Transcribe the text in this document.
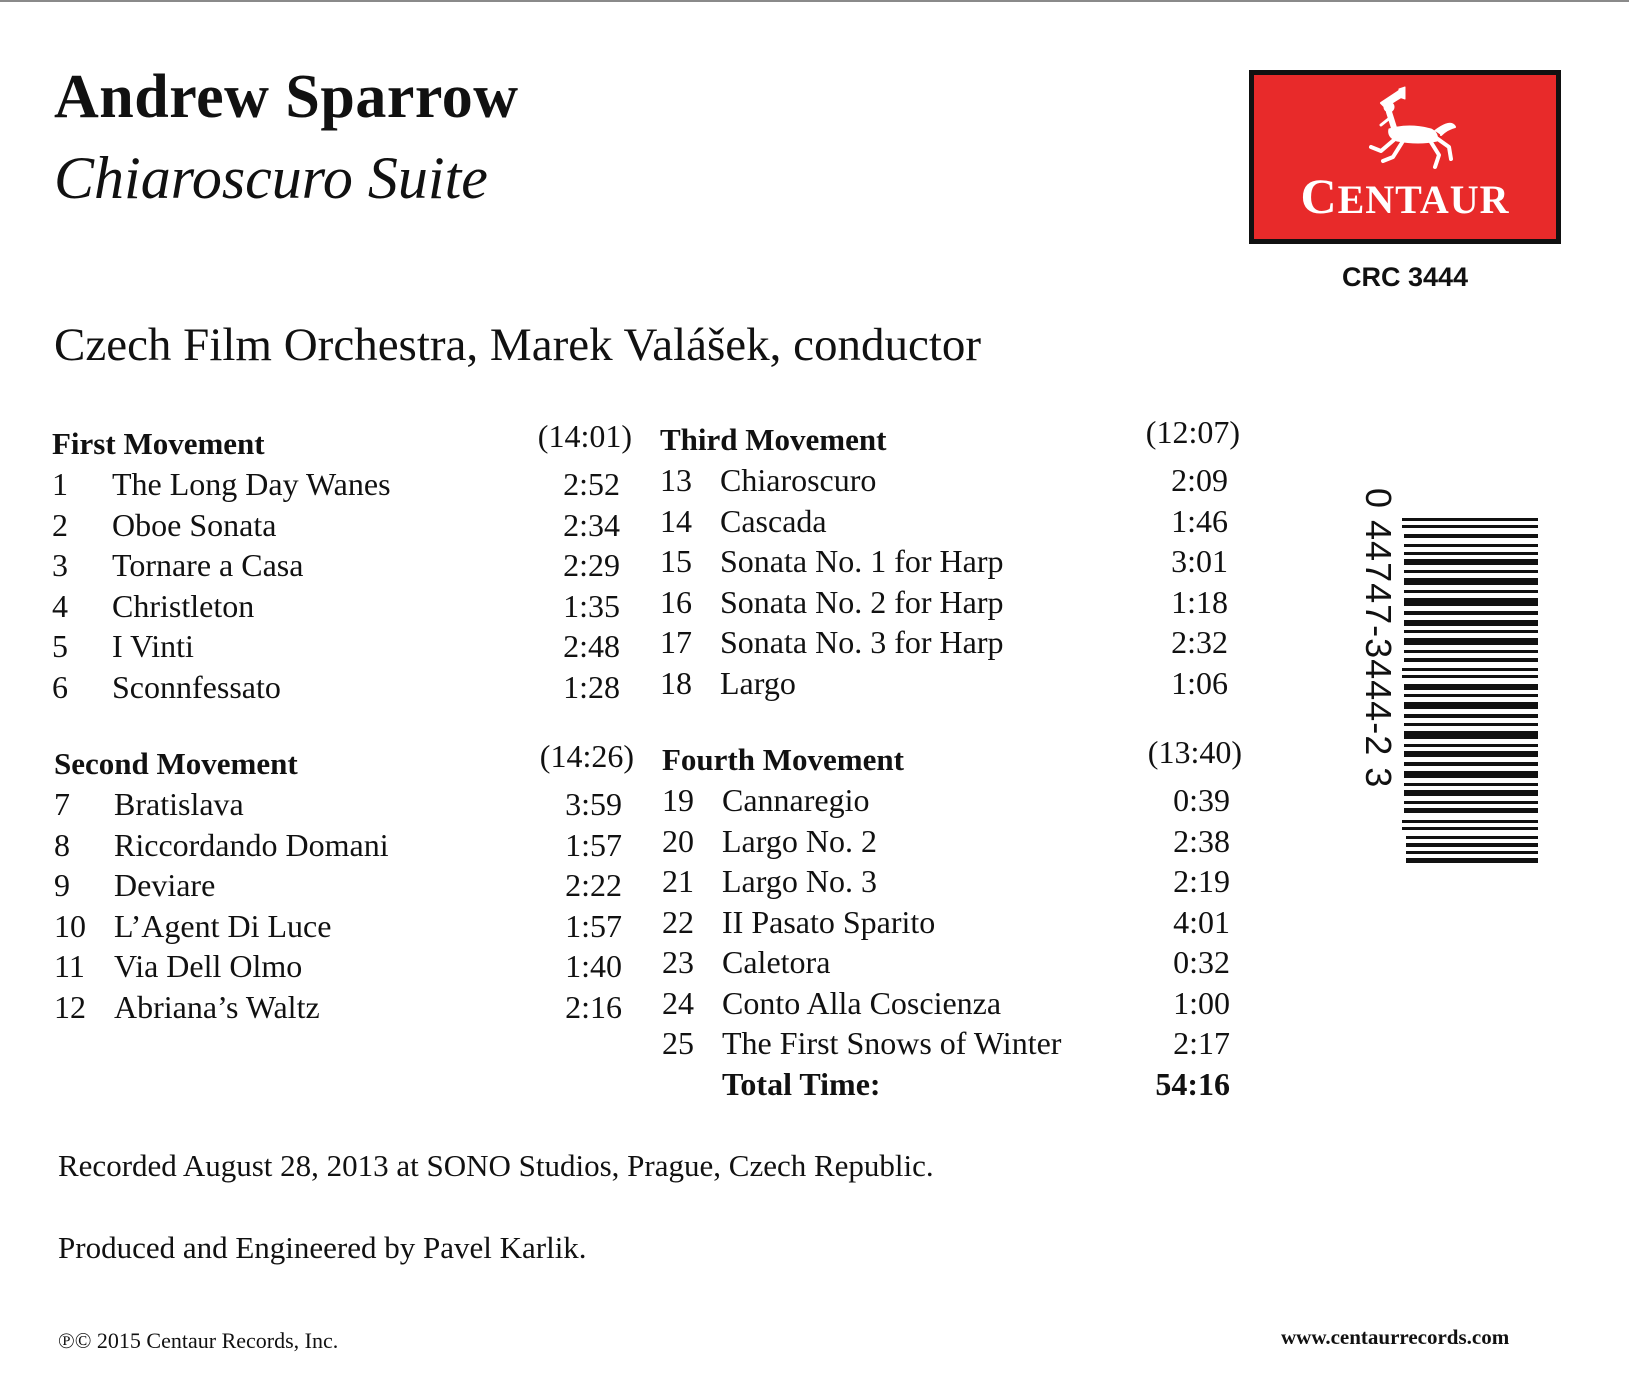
Andrew Sparrow
Chiaroscuro Suite	CENTAUR
CRC 3444
Czech Film Orchestra, Marek Valášek, conductor
First Movement	(14:01)
1 The Long Day Wanes	2:52
2 Oboe Sonata	2:34
3 Tornare a Casa	2:29
4 Christleton	1:35
5 I Vinti	2:48
6 Sconnfessato	1:28
Second Movement	(14:26)
7 Bratislava	3:59
8 Riccordando Domani	1:57
9 Deviare	2:22
10 L’Agent Di Luce	1:57
11 Via Dell Olmo	1:40
12 Abriana’s Waltz	2:16
Third Movement	(12:07)
13 Chiaroscuro	2:09
14 Cascada	1:46
15 Sonata No. 1 for Harp	3:01
16 Sonata No. 2 for Harp	1:18
17 Sonata No. 3 for Harp	2:32
18 Largo	1:06
Fourth Movement	(13:40)
19 Cannaregio	0:39
20 Largo No. 2	2:38
21 Largo No. 3	2:19
22 II Pasato Sparito	4:01
23 Caletora	0:32
24 Conto Alla Coscienza	1:00
25 The First Snows of Winter	2:17
Total Time:	54:16
0 44747-3444-2 3
Recorded August 28, 2013 at SONO Studios, Prague, Czech Republic.
Produced and Engineered by Pavel Karlik.
℗© 2015 Centaur Records, Inc.	www.centaurrecords.com
